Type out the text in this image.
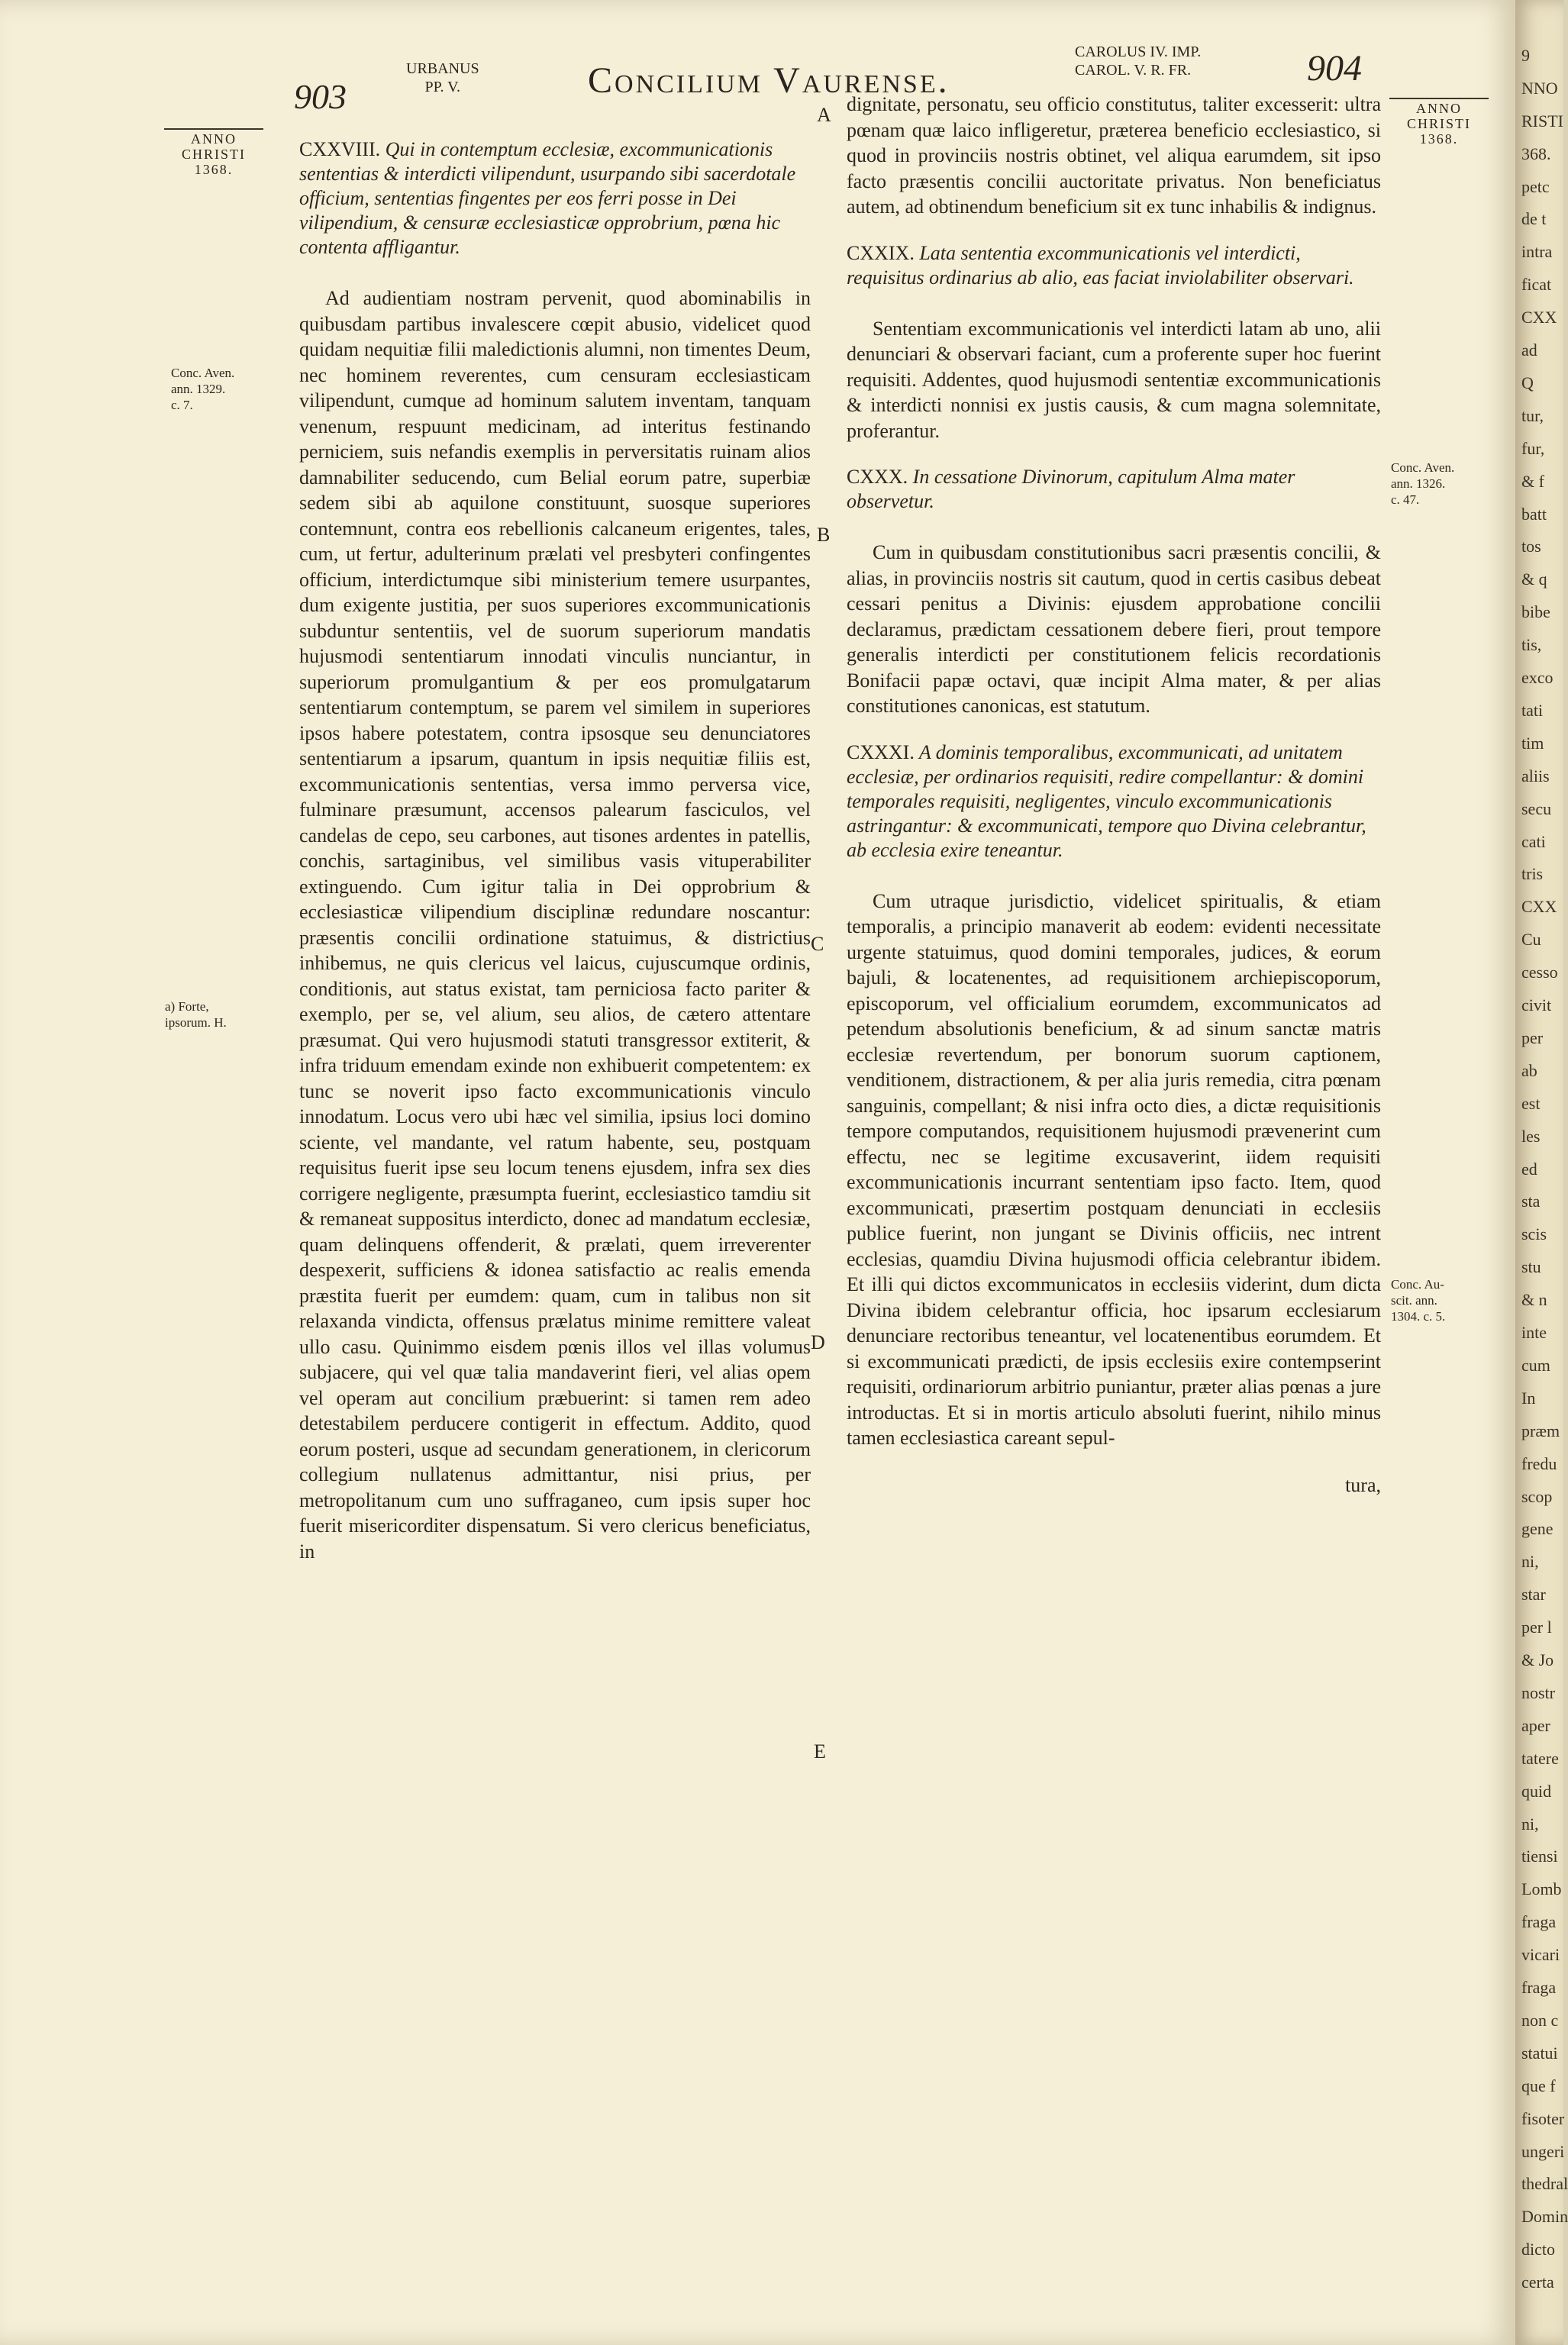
903
URBANUS
PP. V.	Concilium Vaurense.
CAROLUS IV. IMP.
CAROL. V. R. FR.	904
ANNO
CHRISTI
1368.
ANNO
CHRISTI
1368.
A
B
C
D
E
Conc. Aven.
ann. 1329.
c. 7.
a) Forte,
ipsorum. H.
Conc. Aven.
ann. 1326.
c. 47.
Conc. Au-
scit. ann.
1304. c. 5.

CXXVIII. Qui in contemptum ecclesiæ, excommunicationis sententias & interdicti vilipendunt, usurpando sibi sacerdotale officium, sententias fingentes per eos ferri posse in Dei vilipendium, & censuræ ecclesiasticæ opprobrium, pœna hic contenta affligantur.

Ad audientiam nostram pervenit, quod abominabilis in quibusdam partibus invalescere cœpit abusio, videlicet quod quidam nequitiæ filii maledictionis alumni, non timentes Deum, nec hominem reverentes, cum censuram ecclesiasticam vilipendunt, cumque ad hominum salutem inventam, tanquam venenum, respuunt medicinam, ad interitus festinando perniciem, suis nefandis exemplis in perversitatis ruinam alios damnabiliter seducendo, cum Belial eorum patre, superbiæ sedem sibi ab aquilone constituunt, suosque superiores contemnunt, contra eos rebellionis calcaneum erigentes, tales, cum, ut fertur, adulterinum prælati vel presbyteri confingentes officium, interdictumque sibi ministerium temere usurpantes, dum exigente justitia, per suos superiores excommunicationis subduntur sententiis, vel de suorum superiorum mandatis hujusmodi sententiarum innodati vinculis nunciantur, in superiorum promulgantium & per eos promulgatarum sententiarum contemptum, se parem vel similem in superiores ipsos habere potestatem, contra ipsosque seu denunciatores sententiarum a ipsarum, quantum in ipsis nequitiæ filiis est, excommunicationis sententias, versa immo perversa vice, fulminare præsumunt, accensos palearum fasciculos, vel candelas de cepo, seu carbones, aut tisones ardentes in patellis, conchis, sartaginibus, vel similibus vasis vituperabiliter extinguendo. Cum igitur talia in Dei opprobrium & ecclesiasticæ vilipendium disciplinæ redundare noscantur: præsentis concilii ordinatione statuimus, & districtius inhibemus, ne quis clericus vel laicus, cujuscumque ordinis, conditionis, aut status existat, tam perniciosa facto pariter & exemplo, per se, vel alium, seu alios, de cætero attentare præsumat. Qui vero hujusmodi statuti transgressor extiterit, & infra triduum emendam exinde non exhibuerit competentem: ex tunc se noverit ipso facto excommunicationis vinculo innodatum. Locus vero ubi hæc vel similia, ipsius loci domino sciente, vel mandante, vel ratum habente, seu, postquam requisitus fuerit ipse seu locum tenens ejusdem, infra sex dies corrigere negligente, præsumpta fuerint, ecclesiastico tamdiu sit & remaneat suppositus interdicto, donec ad mandatum ecclesiæ, quam delinquens offenderit, & prælati, quem irreverenter despexerit, sufficiens & idonea satisfactio ac realis emenda præstita fuerit per eumdem: quam, cum in talibus non sit relaxanda vindicta, offensus prælatus minime remittere valeat ullo casu. Quinimmo eisdem pœnis illos vel illas volumus subjacere, qui vel quæ talia mandaverint fieri, vel alias opem vel operam aut concilium præbuerint: si tamen rem adeo detestabilem perducere contigerit in effectum. Addito, quod eorum posteri, usque ad secundam generationem, in clericorum collegium nullatenus admittantur, nisi prius, per metropolitanum cum uno suffraganeo, cum ipsis super hoc fuerit misericorditer dispensatum. Si vero clericus beneficiatus, in

dignitate, personatu, seu officio constitutus, taliter excesserit: ultra pœnam quæ laico infligeretur, præterea beneficio ecclesiastico, si quod in provinciis nostris obtinet, vel aliqua earumdem, sit ipso facto præsentis concilii auctoritate privatus. Non beneficiatus autem, ad obtinendum beneficium sit ex tunc inhabilis & indignus.

CXXIX. Lata sententia excommunicationis vel interdicti, requisitus ordinarius ab alio, eas faciat inviolabiliter observari.

Sententiam excommunicationis vel interdicti latam ab uno, alii denunciari & observari faciant, cum a proferente super hoc fuerint requisiti. Addentes, quod hujusmodi sententiæ excommunicationis & interdicti nonnisi ex justis causis, & cum magna solemnitate, proferantur.

CXXX. In cessatione Divinorum, capitulum Alma mater observetur.

Cum in quibusdam constitutionibus sacri præsentis concilii, & alias, in provinciis nostris sit cautum, quod in certis casibus debeat cessari penitus a Divinis: ejusdem approbatione concilii declaramus, prædictam cessationem debere fieri, prout tempore generalis interdicti per constitutionem felicis recordationis Bonifacii papæ octavi, quæ incipit Alma mater, & per alias constitutiones canonicas, est statutum.

CXXXI. A dominis temporalibus, excommunicati, ad unitatem ecclesiæ, per ordinarios requisiti, redire compellantur: & domini temporales requisiti, negligentes, vinculo excommunicationis astringantur: & excommunicati, tempore quo Divina celebrantur, ab ecclesia exire teneantur.

Cum utraque jurisdictio, videlicet spiritualis, & etiam temporalis, a principio manaverit ab eodem: evidenti necessitate urgente statuimus, quod domini temporales, judices, & eorum bajuli, & locatenentes, ad requisitionem archiepiscoporum, episcoporum, vel officialium eorumdem, excommunicatos ad petendum absolutionis beneficium, & ad sinum sanctæ matris ecclesiæ revertendum, per bonorum suorum captionem, venditionem, distractionem, & per alia juris remedia, citra pœnam sanguinis, compellant; & nisi infra octo dies, a dictæ requisitionis tempore computandos, requisitionem hujusmodi prævenerint cum effectu, nec se legitime excusaverint, iidem requisiti excommunicationis incurrant sententiam ipso facto. Item, quod excommunicati, præsertim postquam denunciati in ecclesiis publice fuerint, non jungant se Divinis officiis, nec intrent ecclesias, quamdiu Divina hujusmodi officia celebrantur ibidem. Et illi qui dictos excommunicatos in ecclesiis viderint, dum dicta Divina ibidem celebrantur officia, hoc ipsarum ecclesiarum denunciare rectoribus teneantur, vel locatenentibus eorumdem. Et si excommunicati prædicti, de ipsis ecclesiis exire contempserint requisiti, ordinariorum arbitrio puniantur, præter alias pœnas a jure introductas. Et si in mortis articulo absoluti fuerint, nihilo minus tamen ecclesiastica careant sepul-

tura,

9
NNO
RISTI
368.
petc
de t
intra
ficat
CXX
ad
Q
tur,
fur,
& f
batt
tos
& q
bibe
tis,
exco
tati
tim
aliis
secu
cati
tris
CXX
Cu
cesso
civit
per
ab
est
les
ed
sta
scis
stu
& n
inte
cum
In
præm
fredu
scop
gene
ni,
star
per l
& Jo
nostr
aper
tatere
quid
ni,
tiensi
Lomb
fraga
vicari
fraga
non c
statui
que f
fisoter
ungeri
thedral
Domin
dicto
certa
